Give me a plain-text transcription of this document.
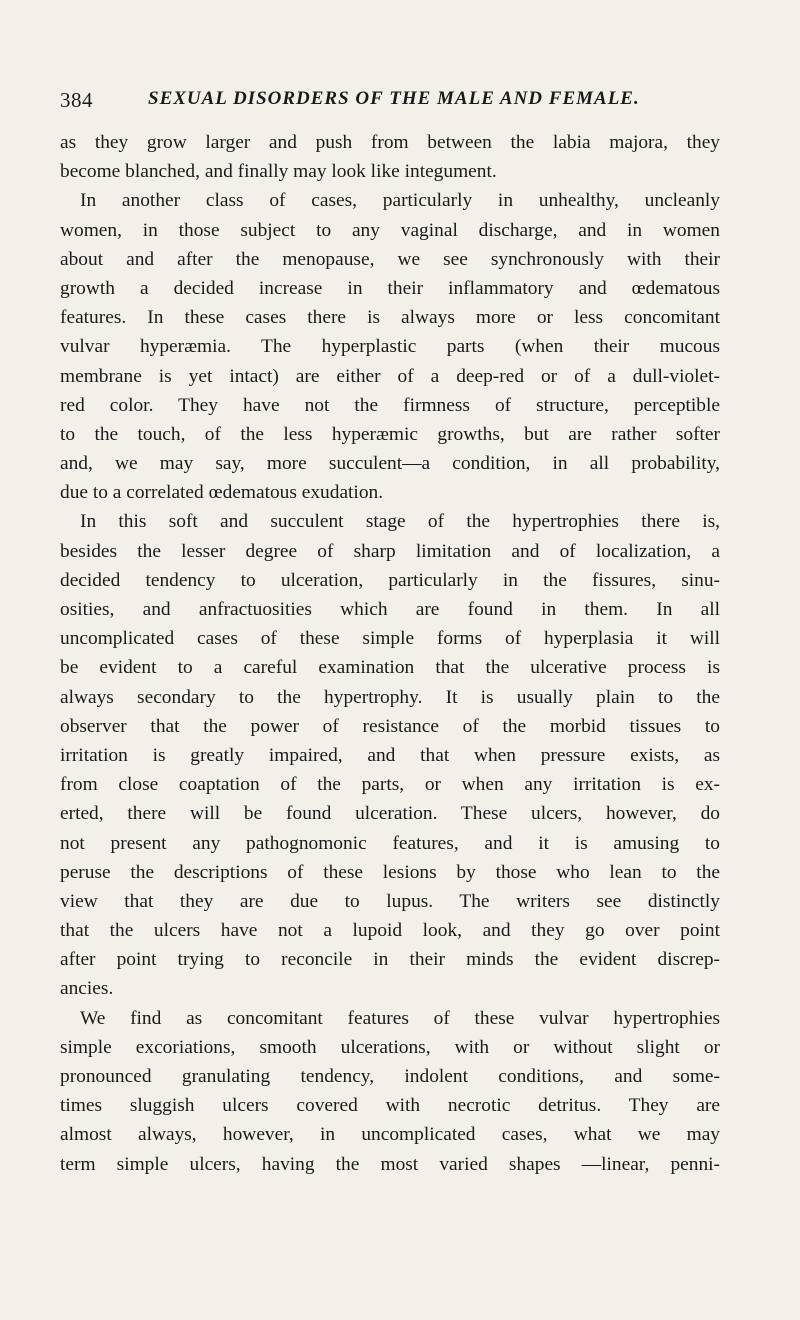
384	SEXUAL DISORDERS OF THE MALE AND FEMALE.
as they grow larger and push from between the labia majora, they
become blanched, and finally may look like integument.
In another class of cases, particularly in unhealthy, uncleanly
women, in those subject to any vaginal discharge, and in women
about and after the menopause, we see synchronously with their
growth a decided increase in their inflammatory and œdematous
features. In these cases there is always more or less concomitant
vulvar hyperæmia. The hyperplastic parts (when their mucous
membrane is yet intact) are either of a deep-red or of a dull-violet-
red color. They have not the firmness of structure, perceptible
to the touch, of the less hyperæmic growths, but are rather softer
and, we may say, more succulent—a condition, in all probability,
due to a correlated œdematous exudation.
In this soft and succulent stage of the hypertrophies there is,
besides the lesser degree of sharp limitation and of localization, a
decided tendency to ulceration, particularly in the fissures, sinu-
osities, and anfractuosities which are found in them. In all
uncomplicated cases of these simple forms of hyperplasia it will
be evident to a careful examination that the ulcerative process is
always secondary to the hypertrophy. It is usually plain to the
observer that the power of resistance of the morbid tissues to
irritation is greatly impaired, and that when pressure exists, as
from close coaptation of the parts, or when any irritation is ex-
erted, there will be found ulceration. These ulcers, however, do
not present any pathognomonic features, and it is amusing to
peruse the descriptions of these lesions by those who lean to the
view that they are due to lupus. The writers see distinctly
that the ulcers have not a lupoid look, and they go over point
after point trying to reconcile in their minds the evident discrep-
ancies.
We find as concomitant features of these vulvar hypertrophies
simple excoriations, smooth ulcerations, with or without slight or
pronounced granulating tendency, indolent conditions, and some-
times sluggish ulcers covered with necrotic detritus. They are
almost always, however, in uncomplicated cases, what we may
term simple ulcers, having the most varied shapes —linear, penni-
